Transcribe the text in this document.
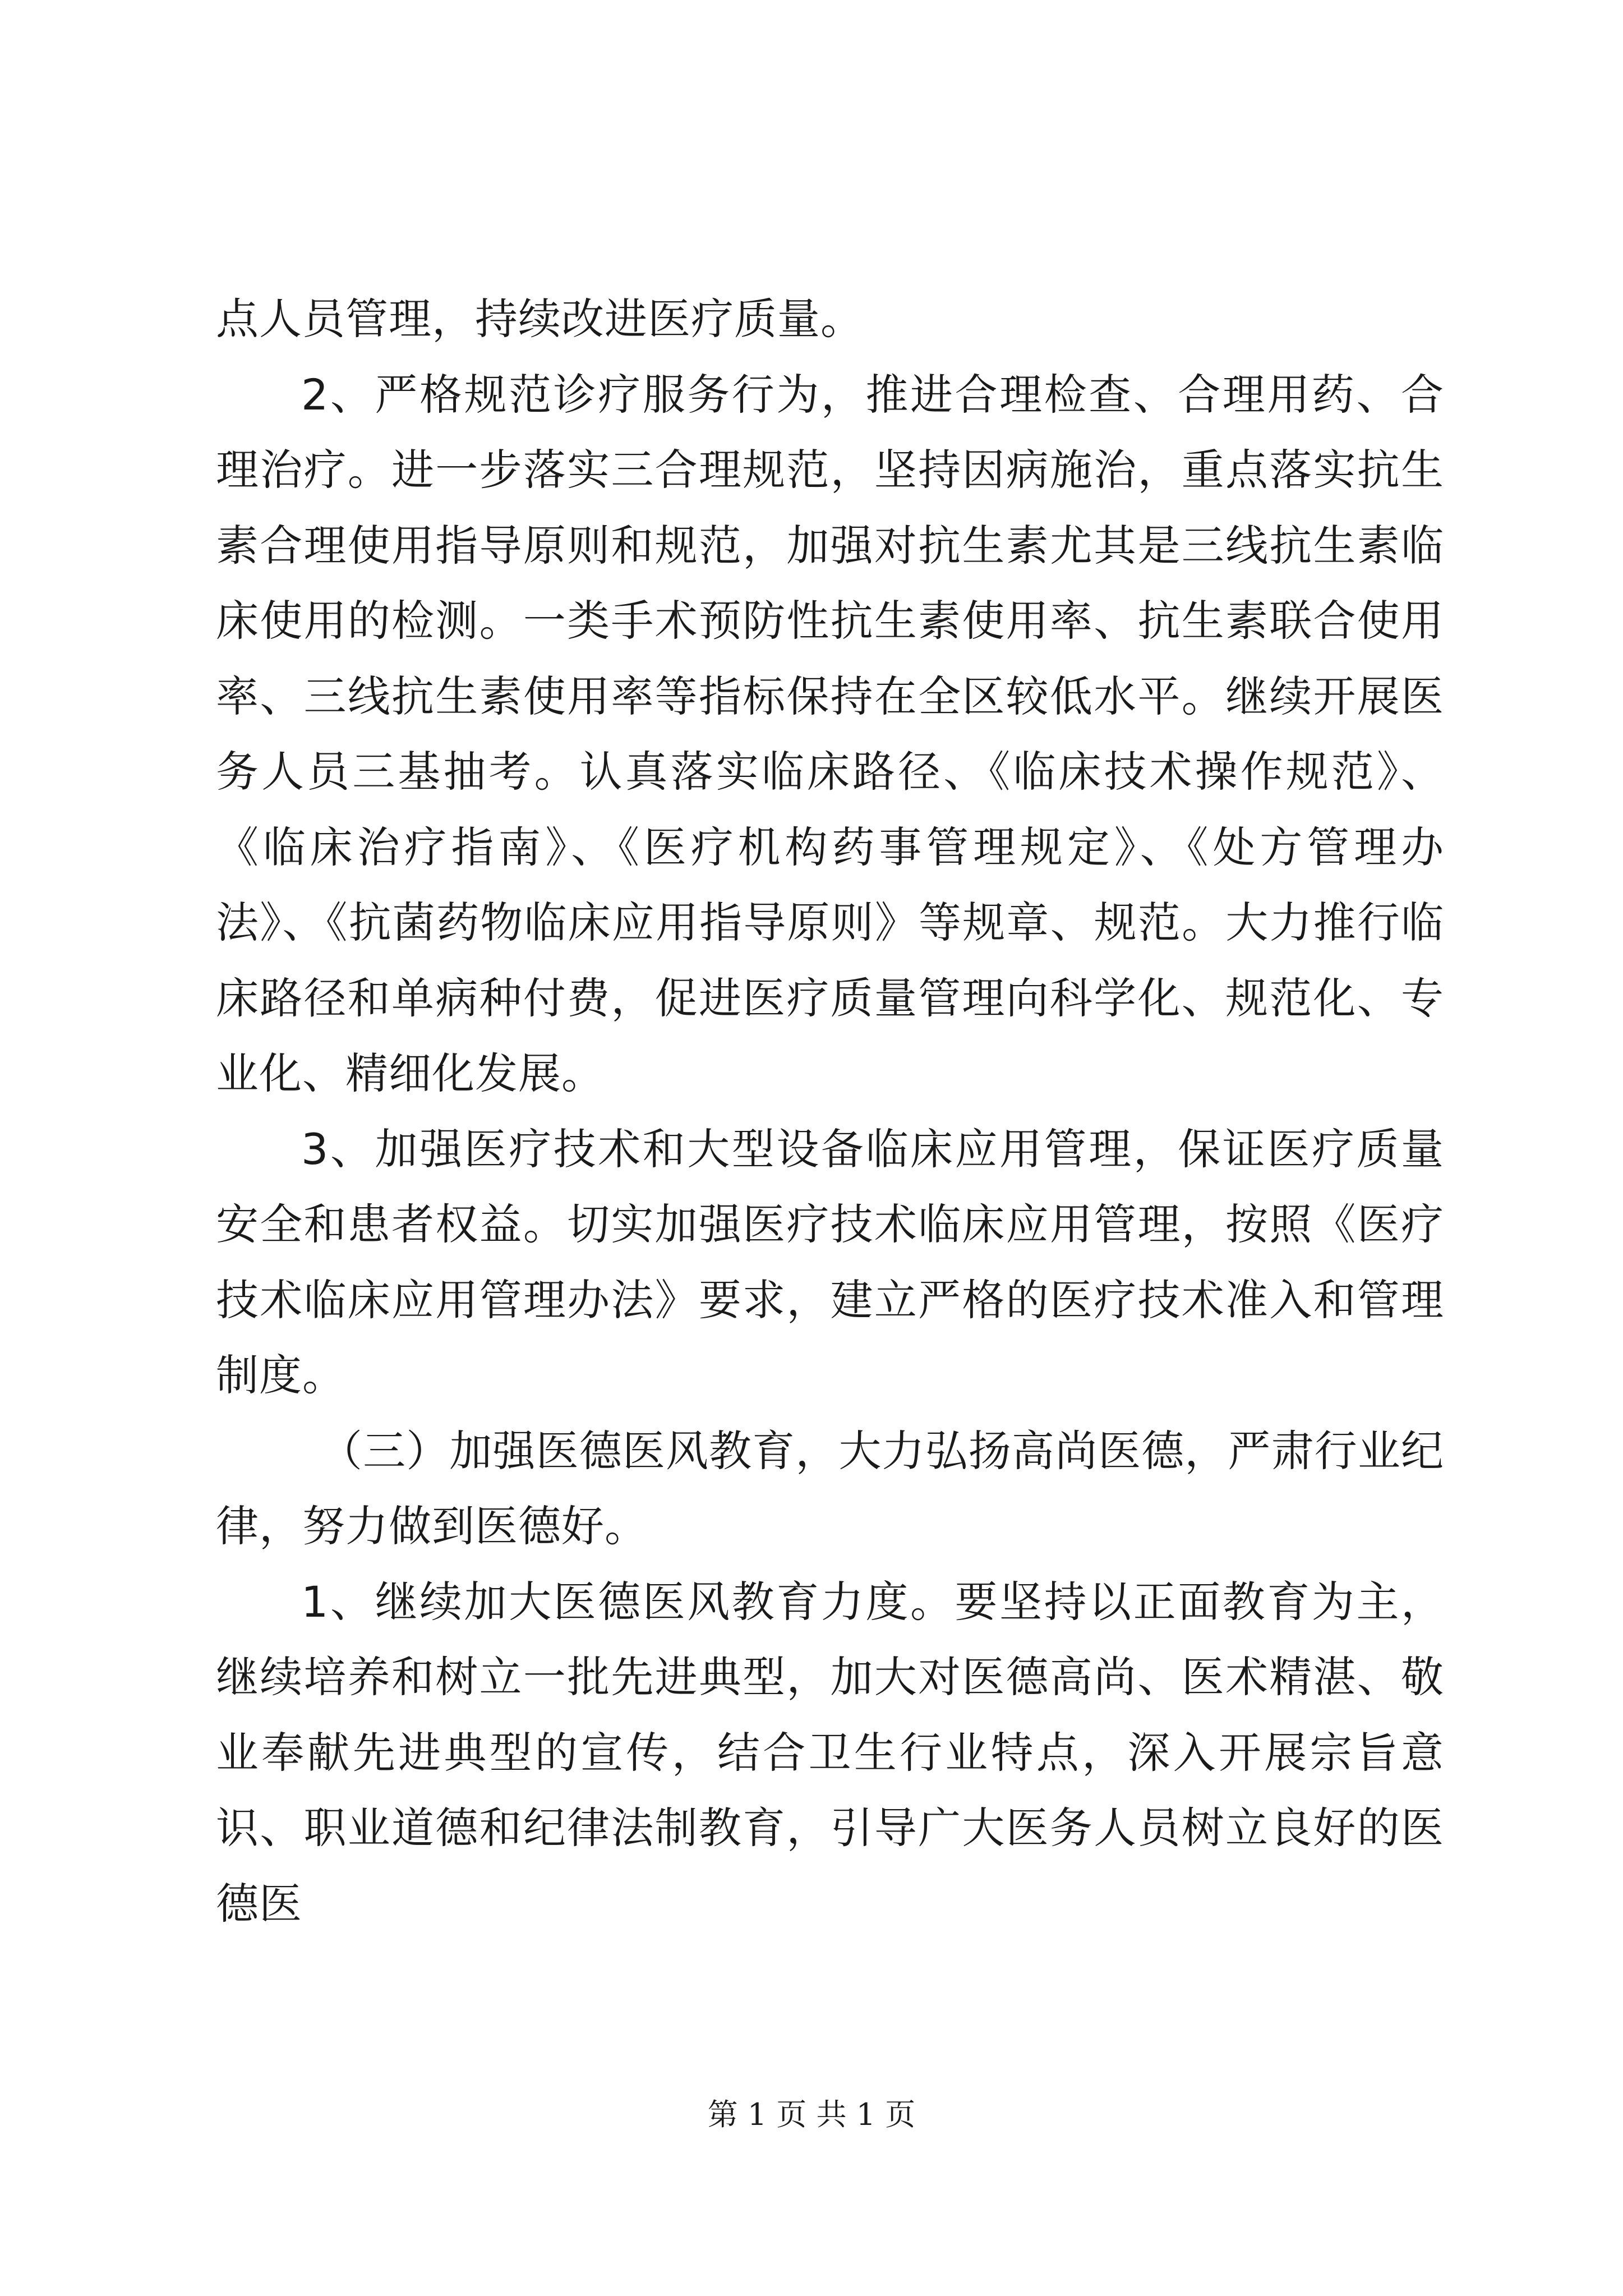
点人员管理，持续改进医疗质量。

2、严格规范诊疗服务行为，推进合理检查、合理用药、合理治疗。进一步落实三合理规范，坚持因病施治，重点落实抗生素合理使用指导原则和规范，加强对抗生素尤其是三线抗生素临床使用的检测。一类手术预防性抗生素使用率、抗生素联合使用率、三线抗生素使用率等指标保持在全区较低水平。继续开展医务人员三基抽考。认真落实临床路径、《临床技术操作规范》、《临床治疗指南》、《医疗机构药事管理规定》、《处方管理办法》、《抗菌药物临床应用指导原则》等规章、规范。大力推行临床路径和单病种付费，促进医疗质量管理向科学化、规范化、专业化、精细化发展。

3、加强医疗技术和大型设备临床应用管理，保证医疗质量安全和患者权益。切实加强医疗技术临床应用管理，按照《医疗技术临床应用管理办法》要求，建立严格的医疗技术准入和管理制度。

（三）加强医德医风教育，大力弘扬高尚医德，严肃行业纪律，努力做到医德好。

1、继续加大医德医风教育力度。要坚持以正面教育为主，继续培养和树立一批先进典型，加大对医德高尚、医术精湛、敬业奉献先进典型的宣传，结合卫生行业特点，深入开展宗旨意识、职业道德和纪律法制教育，引导广大医务人员树立良好的医德医

第 1 页 共 1 页
